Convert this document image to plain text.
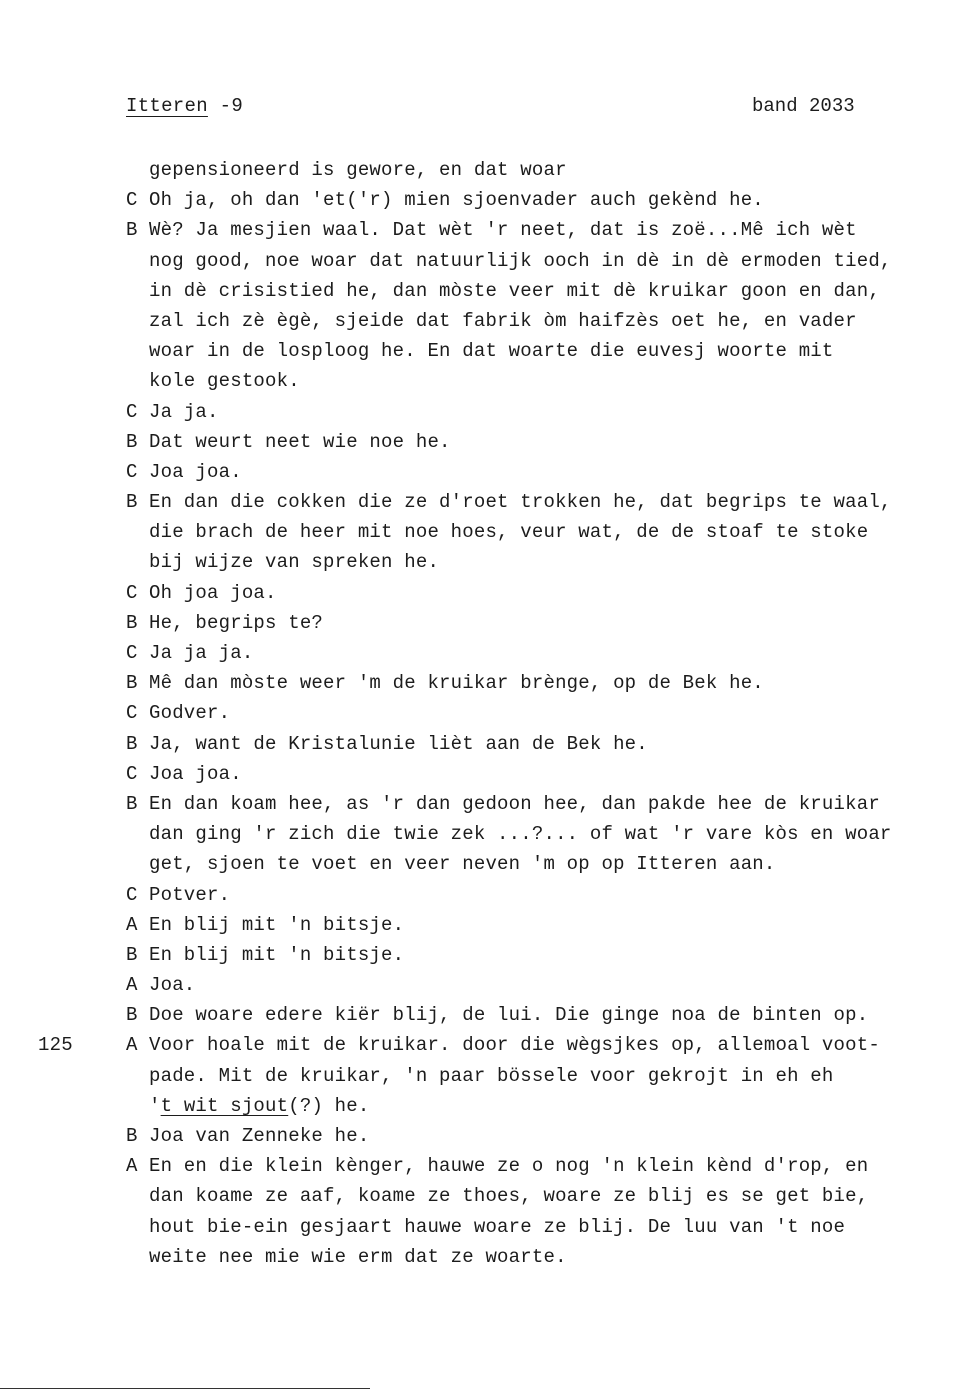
Itteren -9	band 2033
gepensioneerd is gewore, en dat woar
C Oh ja, oh dan 'et('r) mien sjoenvader auch gekènd he.
B Wè? Ja mesjien waal. Dat wèt 'r neet, dat is zoë...Mê ich wèt
nog good, noe woar dat natuurlijk ooch in dè in dè ermoden tied,
in dè crisistied he, dan mòste veer mit dè kruikar goon en dan,
zal ich zè ègè, sjeide dat fabrik òm haifzès oet he, en vader
woar in de losploog he. En dat woarte die euvesj woorte mit
kole gestook.
C Ja ja.
B Dat weurt neet wie noe he.
C Joa joa.
B En dan die cokken die ze d'roet trokken he, dat begrips te waal,
die brach de heer mit noe hoes, veur wat, de de stoaf te stoke
bij wijze van spreken he.
C Oh joa joa.
B He, begrips te?
C Ja ja ja.
B Mê dan mòste weer 'm de kruikar brènge, op de Bek he.
C Godver.
B Ja, want de Kristalunie lièt aan de Bek he.
C Joa joa.
B En dan koam hee, as 'r dan gedoon hee, dan pakde hee de kruikar
dan ging 'r zich die twie zek ...?... of wat 'r vare kòs en woar
get, sjoen te voet en veer neven 'm op op Itteren aan.
C Potver.
A En blij mit 'n bitsje.
B En blij mit 'n bitsje.
A Joa.
B Doe woare edere kiër blij, de lui. Die ginge noa de binten op.
125	A Voor hoale mit de kruikar. door die wègsjkes op, allemoal voot-
pade. Mit de kruikar, 'n paar bössele voor gekrojt in eh eh
't wit sjout(?) he.
B Joa van Zenneke he.
A En en die klein kènger, hauwe ze o nog 'n klein kènd d'rop, en
dan koame ze aaf, koame ze thoes, woare ze blij es se get bie,
hout bie-ein gesjaart hauwe woare ze blij. De luu van 't noe
weite nee mie wie erm dat ze woarte.
